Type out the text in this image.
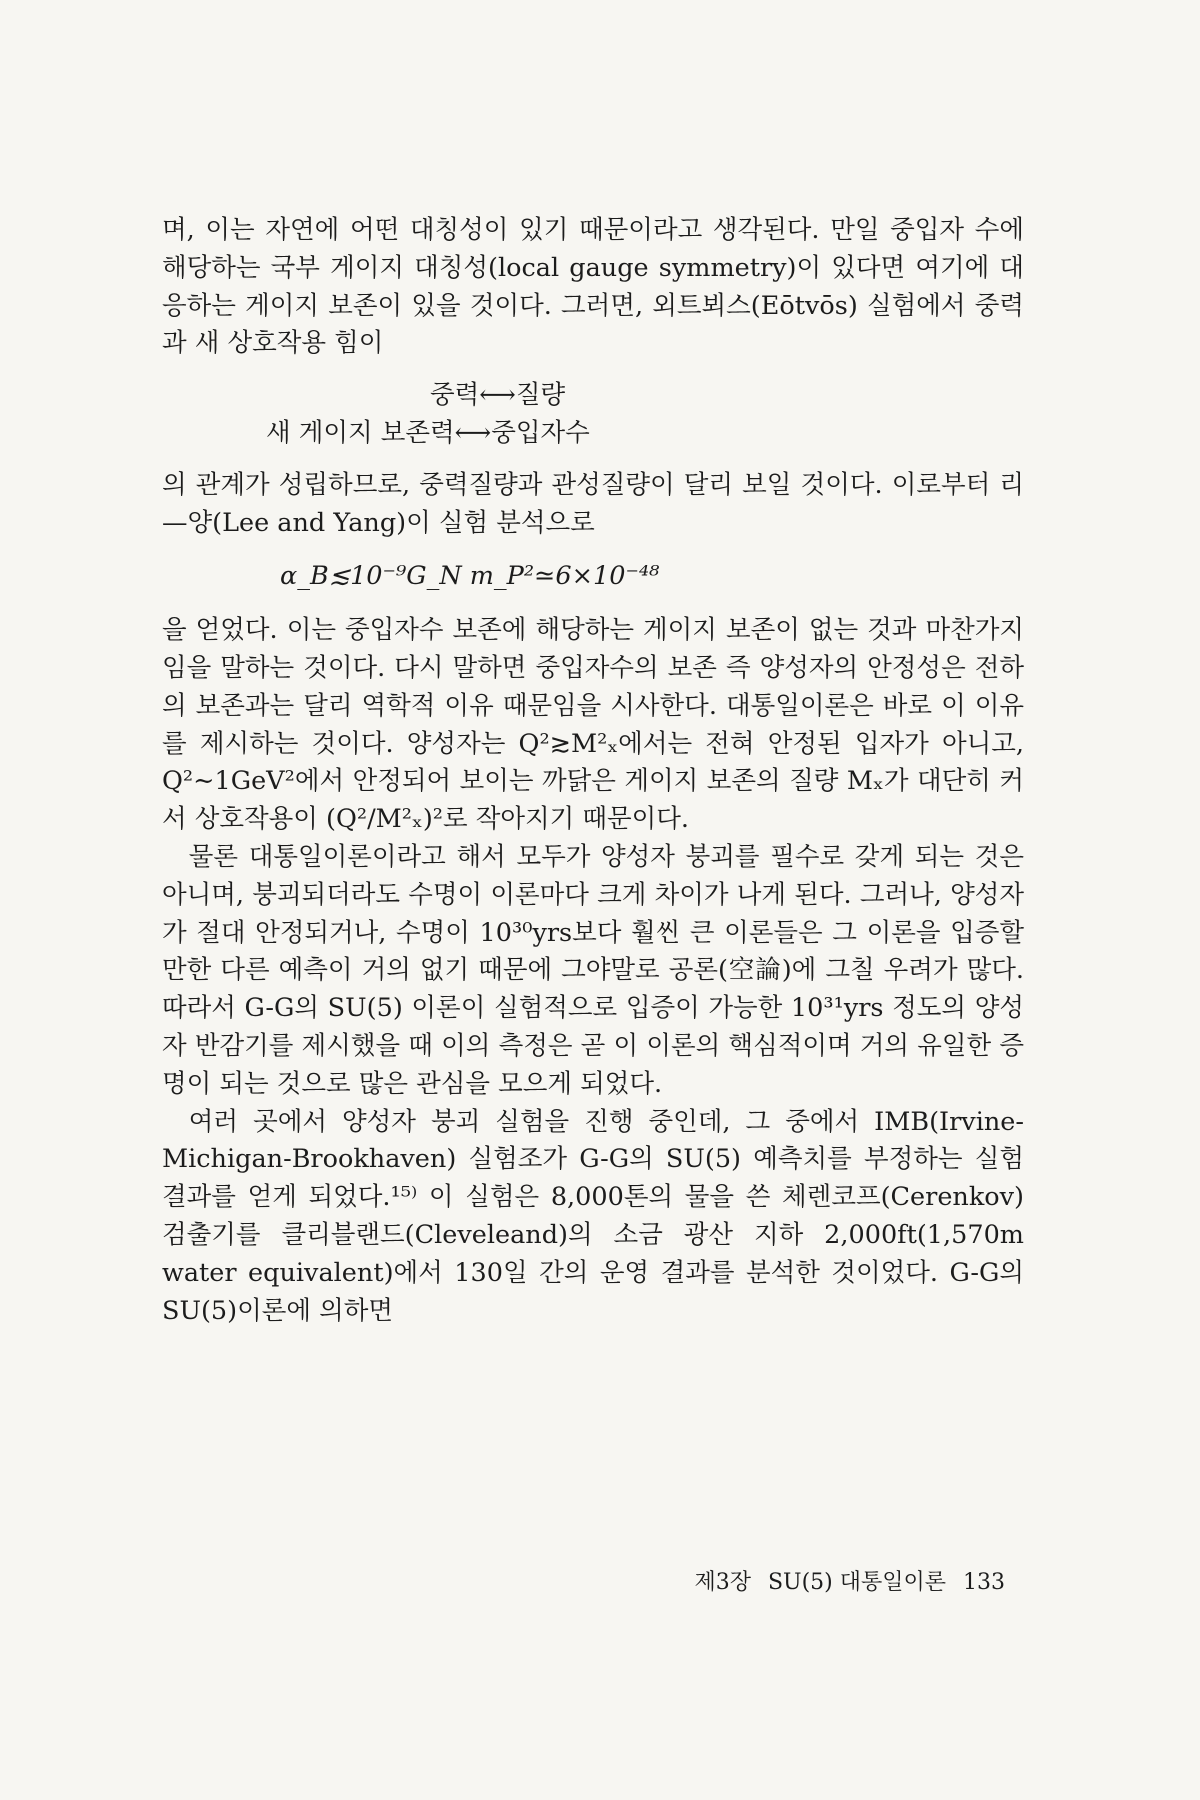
며, 이는 자연에 어떤 대칭성이 있기 때문이라고 생각된다. 만일 중입자 수에 해당하는 국부 게이지 대칭성(local gauge symmetry)이 있다면 여기에 대응하는 게이지 보존이 있을 것이다. 그러면, 외트뵈스(Eōtvōs) 실험에서 중력과 새 상호작용 힘이

중력⟷질량

새 게이지 보존력⟷중입자수

의 관계가 성립하므로, 중력질량과 관성질량이 달리 보일 것이다. 이로부터 리—양(Lee and Yang)이 실험 분석으로

α_B≲10⁻⁹G_N m_P²≃6×10⁻⁴⁸

을 얻었다. 이는 중입자수 보존에 해당하는 게이지 보존이 없는 것과 마찬가지임을 말하는 것이다. 다시 말하면 중입자수의 보존 즉 양성자의 안정성은 전하의 보존과는 달리 역학적 이유 때문임을 시사한다. 대통일이론은 바로 이 이유를 제시하는 것이다. 양성자는 Q²≳M²ₓ에서는 전혀 안정된 입자가 아니고, Q²∼1GeV²에서 안정되어 보이는 까닭은 게이지 보존의 질량 Mₓ가 대단히 커서 상호작용이 (Q²/M²ₓ)²로 작아지기 때문이다.

물론 대통일이론이라고 해서 모두가 양성자 붕괴를 필수로 갖게 되는 것은 아니며, 붕괴되더라도 수명이 이론마다 크게 차이가 나게 된다. 그러나, 양성자가 절대 안정되거나, 수명이 10³⁰yrs보다 훨씬 큰 이론들은 그 이론을 입증할 만한 다른 예측이 거의 없기 때문에 그야말로 공론(空論)에 그칠 우려가 많다. 따라서 G-G의 SU(5) 이론이 실험적으로 입증이 가능한 10³¹yrs 정도의 양성자 반감기를 제시했을 때 이의 측정은 곧 이 이론의 핵심적이며 거의 유일한 증명이 되는 것으로 많은 관심을 모으게 되었다.

여러 곳에서 양성자 붕괴 실험을 진행 중인데, 그 중에서 IMB(Irvine-Michigan-Brookhaven) 실험조가 G-G의 SU(5) 예측치를 부정하는 실험 결과를 얻게 되었다.¹⁵⁾ 이 실험은 8,000톤의 물을 쓴 체렌코프(Cerenkov) 검출기를 클리블랜드(Cleveleand)의 소금 광산 지하 2,000ft(1,570m water equivalent)에서 130일 간의 운영 결과를 분석한 것이었다. G-G의 SU(5)이론에 의하면

제3장 SU(5) 대통일이론 133
